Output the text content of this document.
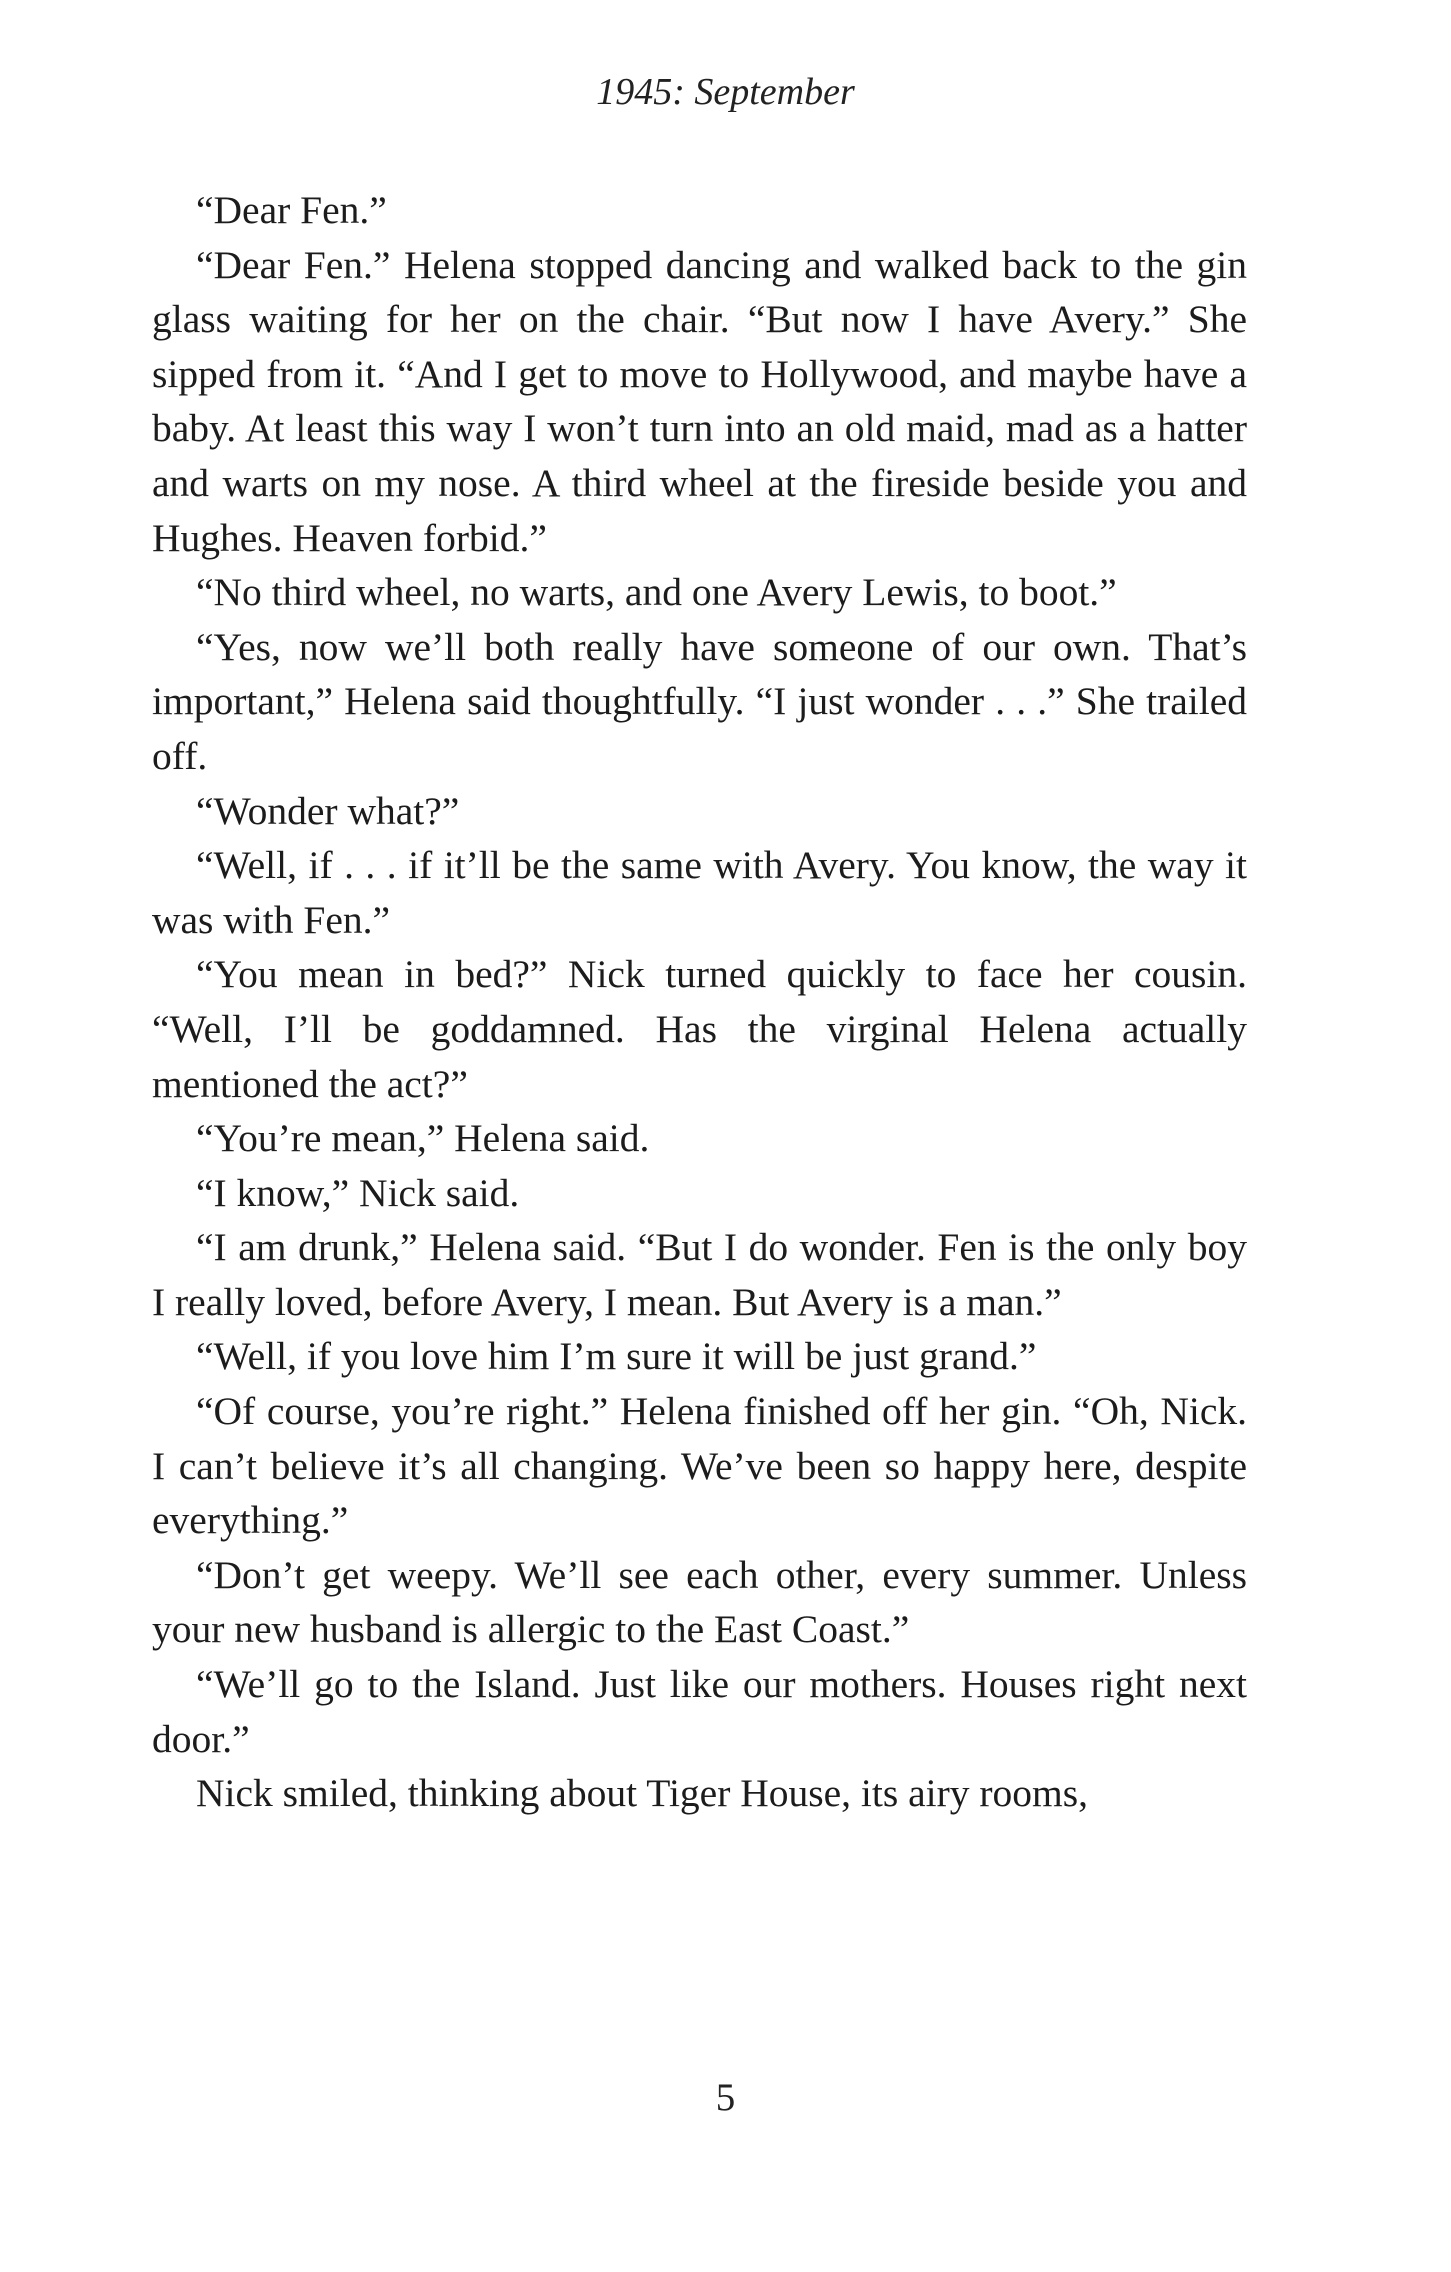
1945: September

“Dear Fen.”

“Dear Fen.” Helena stopped dancing and walked back to the gin glass waiting for her on the chair. “But now I have Avery.” She sipped from it. “And I get to move to Hollywood, and maybe have a baby. At least this way I won’t turn into an old maid, mad as a hatter and warts on my nose. A third wheel at the fireside beside you and Hughes. Heaven forbid.”

“No third wheel, no warts, and one Avery Lewis, to boot.”

“Yes, now we’ll both really have someone of our own. That’s important,” Helena said thoughtfully. “I just wonder . . .” She trailed off.

“Wonder what?”

“Well, if . . . if it’ll be the same with Avery. You know, the way it was with Fen.”

“You mean in bed?” Nick turned quickly to face her cousin. “Well, I’ll be goddamned. Has the virginal Helena actually mentioned the act?”

“You’re mean,” Helena said.

“I know,” Nick said.

“I am drunk,” Helena said. “But I do wonder. Fen is the only boy I really loved, before Avery, I mean. But Avery is a man.”

“Well, if you love him I’m sure it will be just grand.”

“Of course, you’re right.” Helena finished off her gin. “Oh, Nick. I can’t believe it’s all changing. We’ve been so happy here, despite everything.”

“Don’t get weepy. We’ll see each other, every summer. Unless your new husband is allergic to the East Coast.”

“We’ll go to the Island. Just like our mothers. Houses right next door.”

Nick smiled, thinking about Tiger House, its airy rooms,

5
